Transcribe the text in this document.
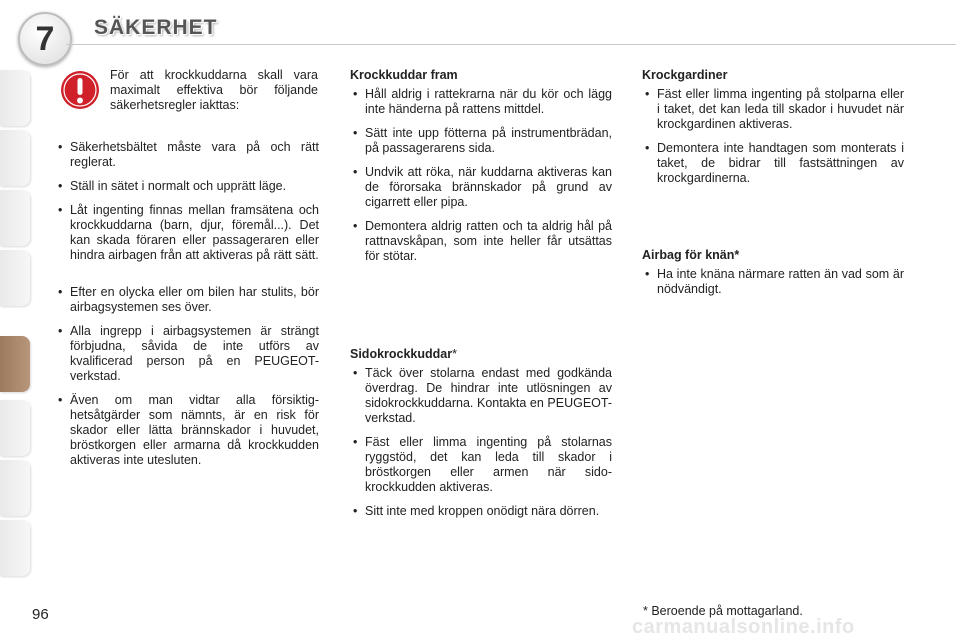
7	SÄKERHET
För att krockkuddarna skall vara maximalt effektiva bör följande säkerhetsregler iakttas:
• Säkerhetsbältet måste vara på och rätt reglerat.
• Ställ in sätet i normalt och upprätt läge.
• Låt ingenting finnas mellan framsätena och krockkuddarna (barn, djur, föremål...). Det kan skada föraren eller passageraren eller hindra airbagen från att aktiveras på rätt sätt.
• Efter en olycka eller om bilen har stulits, bör airbagsystemen ses över.
• Alla ingrepp i airbagsystemen är strängt förbjudna, såvida de inte utförs av kvalificerad person på en PEUGEOT-verkstad.
• Även om man vidtar alla försiktighetsåtgärder som nämnts, är en risk för skador eller lätta brännskador i huvudet, bröstkorgen eller armarna då krockkudden aktiveras inte utesluten.
Krockkuddar fram
• Håll aldrig i rattekrarna när du kör och lägg inte händerna på rattens mittdel.
• Sätt inte upp fötterna på instrumentbrädan, på passagerarens sida.
• Undvik att röka, när kuddarna aktiveras kan de förorsaka brännskador på grund av cigarrett eller pipa.
• Demontera aldrig ratten och ta aldrig hål på rattnavskåpan, som inte heller får utsättas för stötar.
Sidokrockkuddar*
• Täck över stolarna endast med godkända överdrag. De hindrar inte utlösningen av sidokrockkuddarna. Kontakta en PEUGEOT-verkstad.
• Fäst eller limma ingenting på stolarnas ryggstöd, det kan leda till skador i bröstkorgen eller armen när sidokrockkudden aktiveras.
• Sitt inte med kroppen onödigt nära dörren.
Krockgardiner
• Fäst eller limma ingenting på stolparna eller i taket, det kan leda till skador i huvudet när krockgardinen aktiveras.
• Demontera inte handtagen som monterats i taket, de bidrar till fastsättningen av krockgardinerna.
Airbag för knän*
• Ha inte knäna närmare ratten än vad som är nödvändigt.
* Beroende på mottagarland.
96
carmanualsonline.info
